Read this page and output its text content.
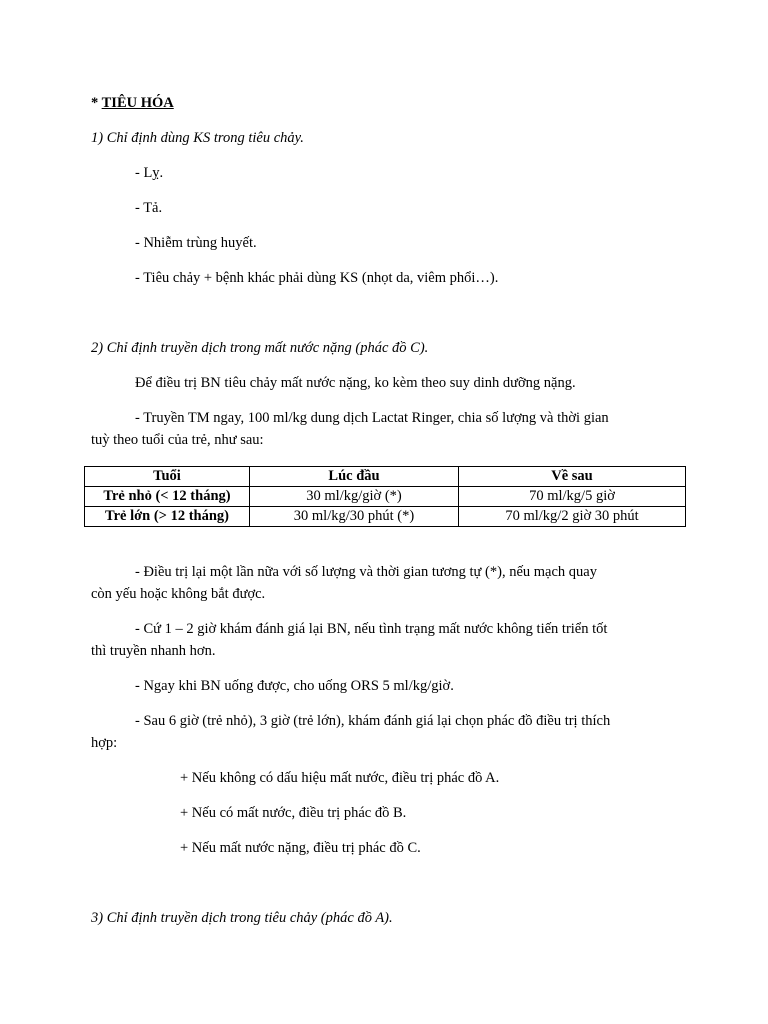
* TIÊU HÓA
1) Chỉ định dùng KS trong tiêu chảy.
- Lỵ.
- Tả.
- Nhiễm trùng huyết.
- Tiêu chảy + bệnh khác phải dùng KS (nhọt da, viêm phổi…).
2) Chỉ định truyền dịch trong mất nước nặng (phác đồ C).
Để điều trị BN tiêu chảy mất nước nặng, ko kèm theo suy dinh dưỡng nặng.
- Truyền TM ngay, 100 ml/kg dung dịch Lactat Ringer, chia số lượng và thời gian
tuỳ theo tuổi của trẻ, như sau:
Tuổi	Lúc đầu	Về sau
Trẻ nhỏ (< 12 tháng)	30 ml/kg/giờ (*)	70 ml/kg/5 giờ
Trẻ lớn (> 12 tháng)	30 ml/kg/30 phút (*)	70 ml/kg/2 giờ 30 phút
- Điều trị lại một lần nữa với số lượng và thời gian tương tự (*), nếu mạch quay
còn yếu hoặc không bắt được.
- Cứ 1 – 2 giờ khám đánh giá lại BN, nếu tình trạng mất nước không tiến triển tốt
thì truyền nhanh hơn.
- Ngay khi BN uống được, cho uống ORS 5 ml/kg/giờ.
- Sau 6 giờ (trẻ nhỏ), 3 giờ (trẻ lớn), khám đánh giá lại chọn phác đồ điều trị thích
hợp:
+ Nếu không có dấu hiệu mất nước, điều trị phác đồ A.
+ Nếu có mất nước, điều trị phác đồ B.
+ Nếu mất nước nặng, điều trị phác đồ C.
3) Chỉ định truyền dịch trong tiêu chảy (phác đồ A).
